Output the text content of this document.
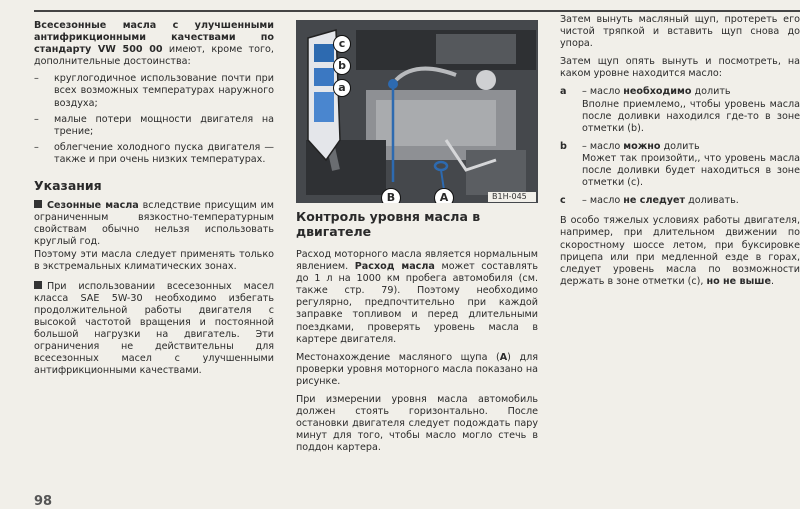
Всесезонные масла с улучшенными антифрикционными качествами по стандарту VW 500 00 имеют, кроме того, дополнительные достоинства:

– круглогодичное использование почти при всех возможных температурах наружного воздуха;
– малые потери мощности двигателя на трение;
– облегчение холодного пуска двигателя — также и при очень низких температурах.
Указания

Сезонные масла вследствие присущим им ограниченным вязкостно-температурным свойствам обычно нельзя использовать круглый год.

Поэтому эти масла следует применять только в экстремальных климатических зонах.

При использовании всесезонных масел класса SAE 5W-30 необходимо избегать продолжительной работы двигателя с высокой частотой вращения и постоянной большой нагрузки на двигатель. Эти ограничения не действительны для всесезонных масел с улучшенными антифрикционными качествами.

c
b
a
B	A	B1H-045
Контроль уровня масла в двигателе

Расход моторного масла является нормальным явлением. Расход масла может составлять до 1 л на 1000 км пробега автомобиля (см. также стр. 79). Поэтому необходимо регулярно, предпочтительно при каждой заправке топливом и перед длительными поездками, проверять уровень масла в картере двигателя.

Местонахождение масляного щупа (А) для проверки уровня моторного масла показано на рисунке.

При измерении уровня масла автомобиль должен стоять горизонтально. После остановки двигателя следует подождать пару минут для того, чтобы масло могло стечь в поддон картера.

Затем вынуть масляный щуп, протереть его чистой тряпкой и вставить щуп снова до упора.

Затем щуп опять вынуть и посмотреть, на каком уровне находится масло:

a	– масло необходимо долить
Вполне приемлемо,, чтобы уровень масла после доливки находился где-то в зоне отметки (b).
b	– масло можно долить
Может так произойти,, что уровень масла после доливки будет находиться в зоне отметки (c).
c	– масло не следует доливать.

В особо тяжелых условиях работы двигателя, например, при длительном движении по скоростному шоссе летом, при буксировке прицепа или при медленной езде в горах, следует уровень масла по возможности держать в зоне отметки (c), но не выше.

98
